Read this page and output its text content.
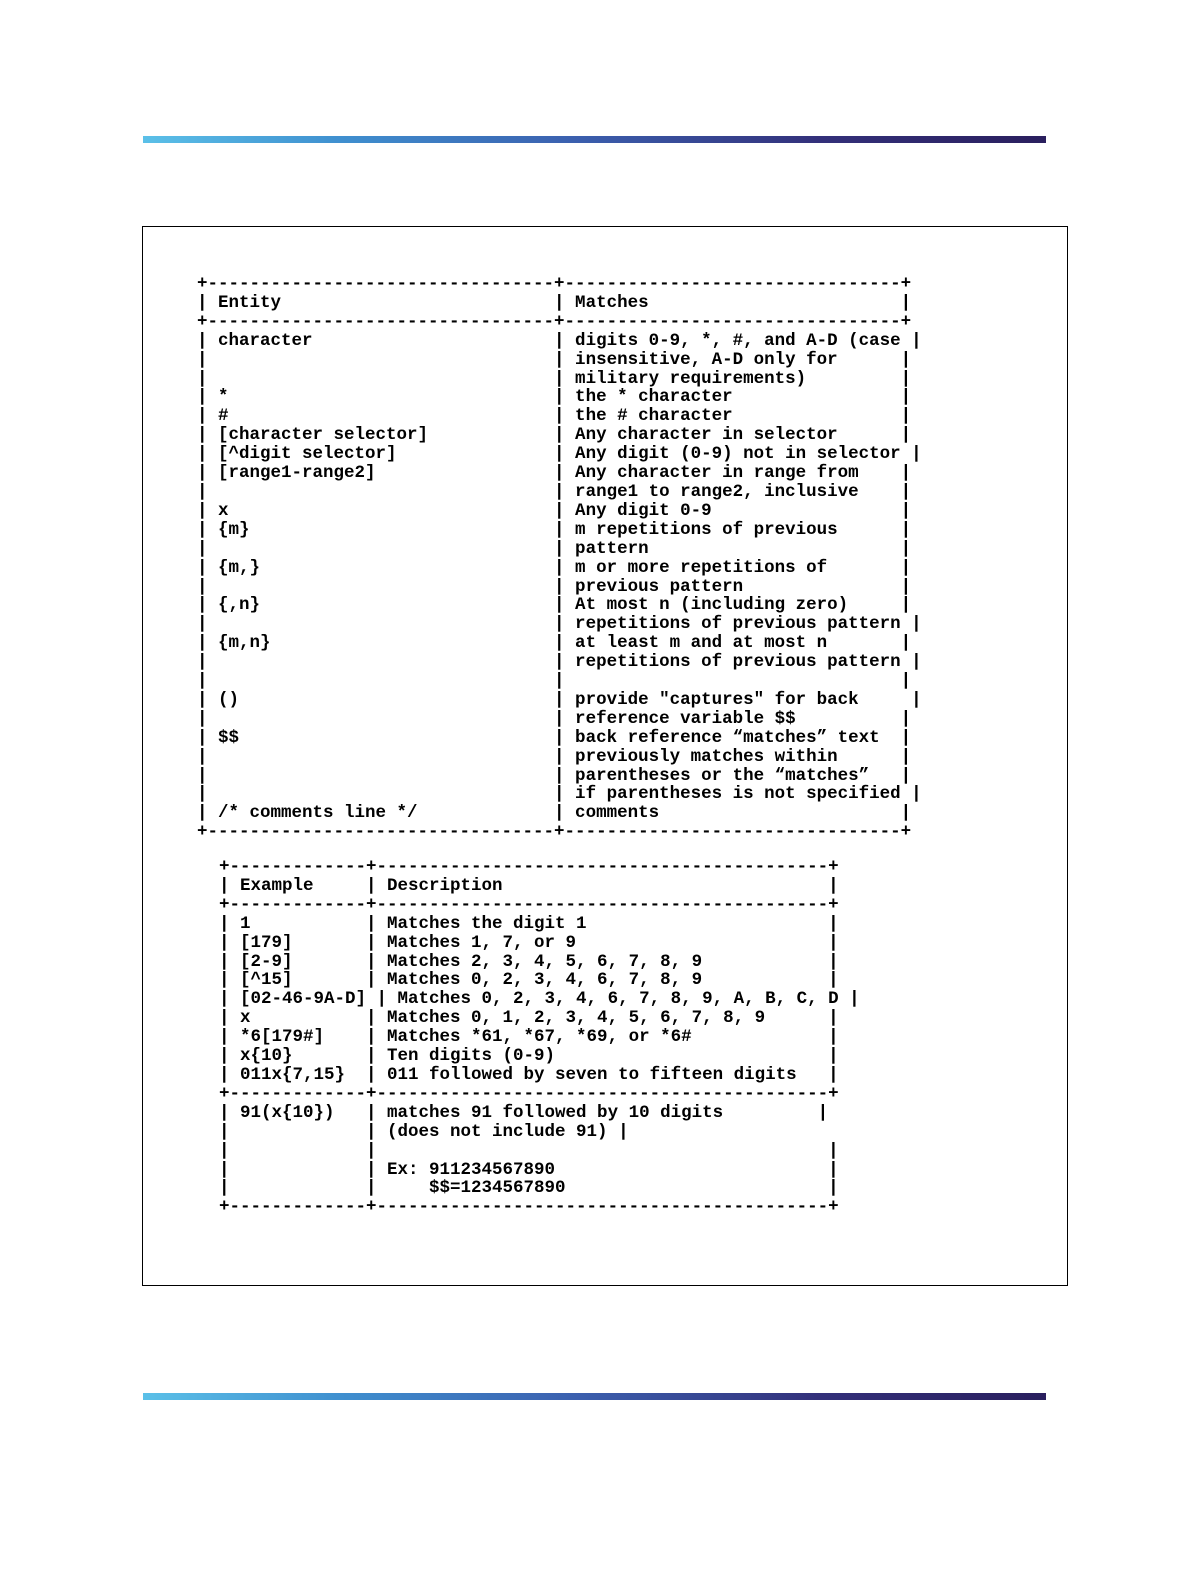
+---------------------------------+--------------------------------+
| Entity                          | Matches                        |
+---------------------------------+--------------------------------+
| character                       | digits 0-9, *, #, and A-D (case |
|                                 | insensitive, A-D only for      |
|                                 | military requirements)         |
| *                               | the * character                |
| #                               | the # character                |
| [character selector]            | Any character in selector      |
| [^digit selector]               | Any digit (0-9) not in selector |
| [range1-range2]                 | Any character in range from    |
|                                 | range1 to range2, inclusive    |
| x                               | Any digit 0-9                  |
| {m}                             | m repetitions of previous      |
|                                 | pattern                        |
| {m,}                            | m or more repetitions of       |
|                                 | previous pattern               |
| {,n}                            | At most n (including zero)     |
|                                 | repetitions of previous pattern |
| {m,n}                           | at least m and at most n       |
|                                 | repetitions of previous pattern |
|                                 |                                |
| ()                              | provide "captures" for back     |
|                                 | reference variable $$          |
| $$                              | back reference “matches” text  |
|                                 | previously matches within      |
|                                 | parentheses or the “matches”   |
|                                 | if parentheses is not specified |
| /* comments line */             | comments                       |
+---------------------------------+--------------------------------+
+-------------+-------------------------------------------+
| Example     | Description                               |
+-------------+-------------------------------------------+
| 1           | Matches the digit 1                       |
| [179]       | Matches 1, 7, or 9                        |
| [2-9]       | Matches 2, 3, 4, 5, 6, 7, 8, 9            |
| [^15]       | Matches 0, 2, 3, 4, 6, 7, 8, 9            |
| [02-46-9A-D] | Matches 0, 2, 3, 4, 6, 7, 8, 9, A, B, C, D |
| x           | Matches 0, 1, 2, 3, 4, 5, 6, 7, 8, 9      |
| *6[179#]    | Matches *61, *67, *69, or *6#             |
| x{10}       | Ten digits (0-9)                          |
| 011x{7,15}  | 011 followed by seven to fifteen digits   |
+-------------+-------------------------------------------+
| 91(x{10})   | matches 91 followed by 10 digits         |
|             | (does not include 91) |
|             |                                           |
|             | Ex: 911234567890                          |
|             |     $$=1234567890                         |
+-------------+-------------------------------------------+
